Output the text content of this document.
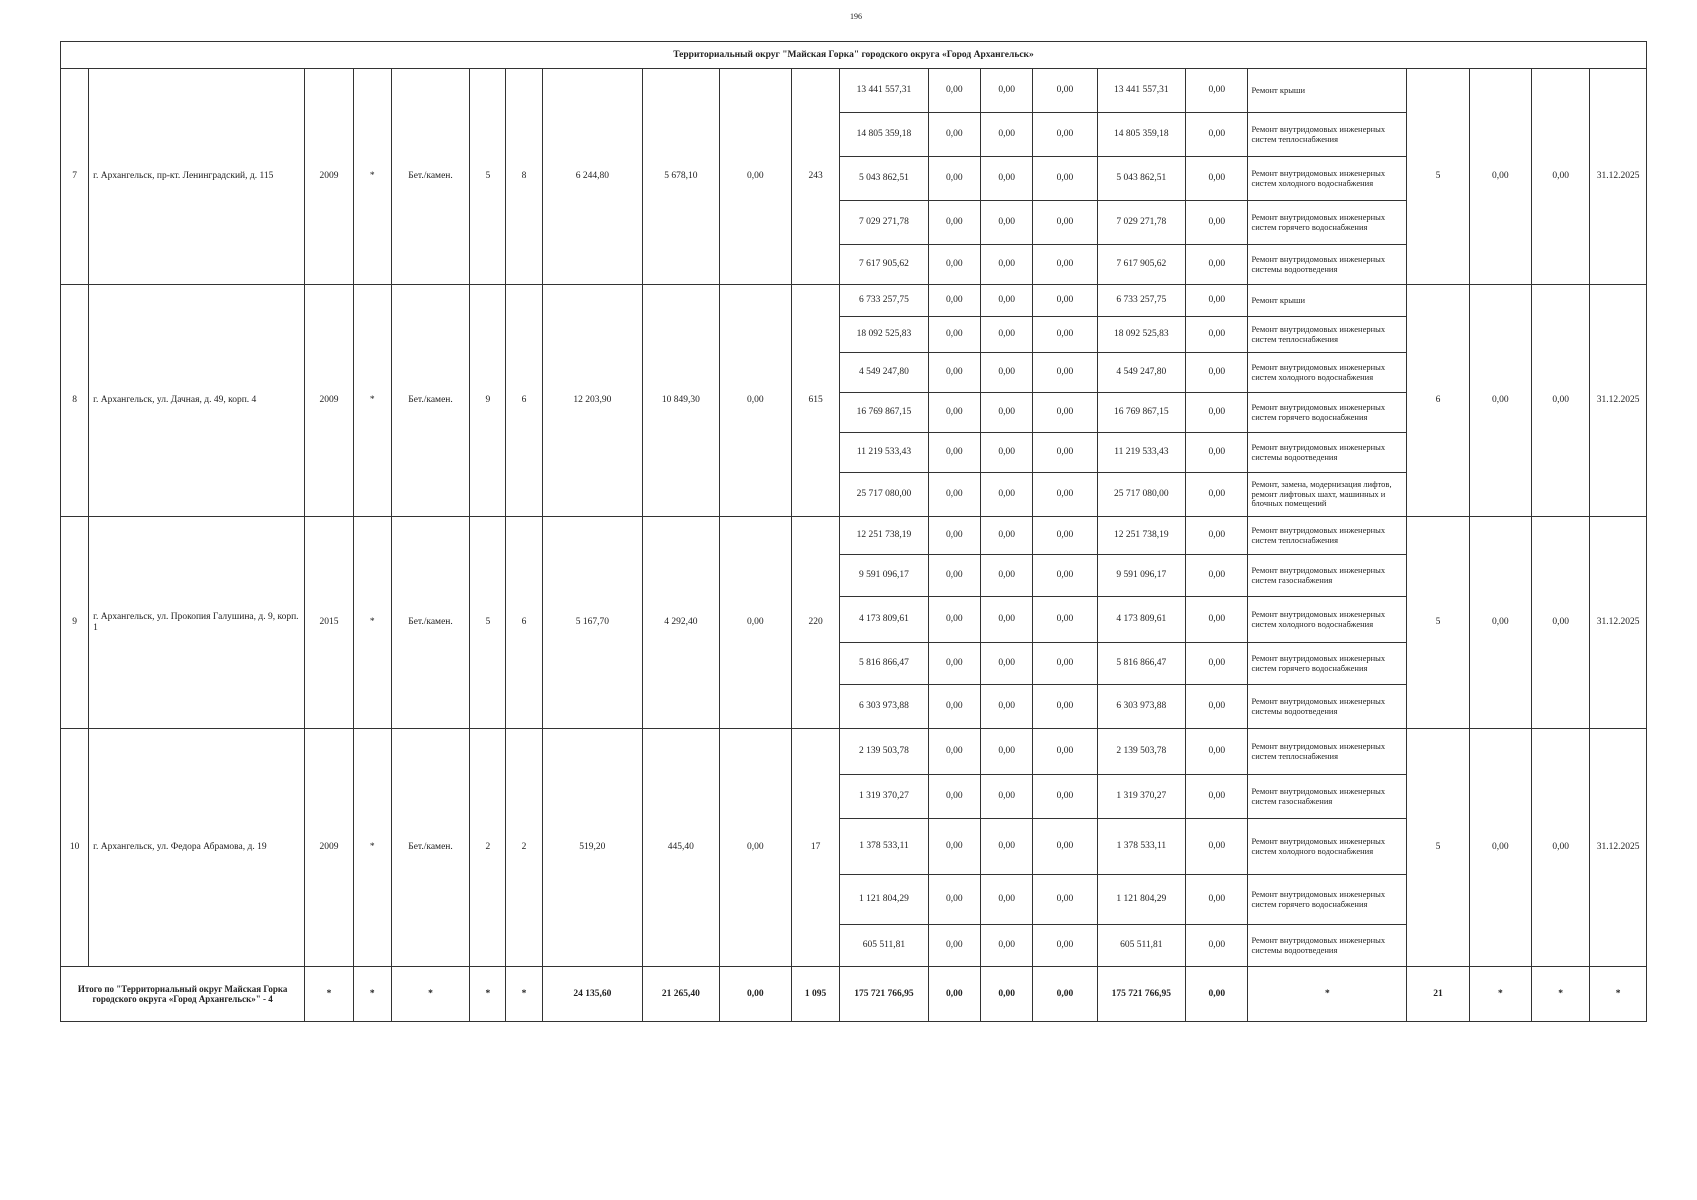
196
Территориальный округ "Майская Горка" городского округа «Город Архангельск»																					
7	г. Архангельск, пр-кт. Ленинградский, д. 115	2009	*	Бет./камен.	5	8	6 244,80	5 678,10	0,00	243	13 441 557,31	0,00	0,00	0,00	13 441 557,31	0,00	Ремонт крыши	5	0,00	0,00	31.12.2025
											14 805 359,18	0,00	0,00	0,00	14 805 359,18	0,00	Ремонт внутридомовых инженерных систем теплоснабжения				
											5 043 862,51	0,00	0,00	0,00	5 043 862,51	0,00	Ремонт внутридомовых инженерных систем холодного водоснабжения				
											7 029 271,78	0,00	0,00	0,00	7 029 271,78	0,00	Ремонт внутридомовых инженерных систем горячего водоснабжения				
											7 617 905,62	0,00	0,00	0,00	7 617 905,62	0,00	Ремонт внутридомовых инженерных системы водоотведения				
8	г. Архангельск, ул. Дачная, д. 49, корп. 4	2009	*	Бет./камен.	9	6	12 203,90	10 849,30	0,00	615	6 733 257,75	0,00	0,00	0,00	6 733 257,75	0,00	Ремонт крыши	6	0,00	0,00	31.12.2025
											18 092 525,83	0,00	0,00	0,00	18 092 525,83	0,00	Ремонт внутридомовых инженерных систем теплоснабжения				
											4 549 247,80	0,00	0,00	0,00	4 549 247,80	0,00	Ремонт внутридомовых инженерных систем холодного водоснабжения				
											16 769 867,15	0,00	0,00	0,00	16 769 867,15	0,00	Ремонт внутридомовых инженерных систем горячего водоснабжения				
											11 219 533,43	0,00	0,00	0,00	11 219 533,43	0,00	Ремонт внутридомовых инженерных системы водоотведения				
											25 717 080,00	0,00	0,00	0,00	25 717 080,00	0,00	Ремонт, замена, модернизация лифтов, ремонт лифтовых шахт, машинных и блочных помещений				
9	г. Архангельск, ул. Прокопия Галушина, д. 9, корп. 1	2015	*	Бет./камен.	5	6	5 167,70	4 292,40	0,00	220	12 251 738,19	0,00	0,00	0,00	12 251 738,19	0,00	Ремонт внутридомовых инженерных систем теплоснабжения	5	0,00	0,00	31.12.2025
											9 591 096,17	0,00	0,00	0,00	9 591 096,17	0,00	Ремонт внутридомовых инженерных систем газоснабжения				
											4 173 809,61	0,00	0,00	0,00	4 173 809,61	0,00	Ремонт внутридомовых инженерных систем холодного водоснабжения				
											5 816 866,47	0,00	0,00	0,00	5 816 866,47	0,00	Ремонт внутридомовых инженерных систем горячего водоснабжения				
											6 303 973,88	0,00	0,00	0,00	6 303 973,88	0,00	Ремонт внутридомовых инженерных системы водоотведения				
10	г. Архангельск, ул. Федора Абрамова, д. 19	2009	*	Бет./камен.	2	2	519,20	445,40	0,00	17	2 139 503,78	0,00	0,00	0,00	2 139 503,78	0,00	Ремонт внутридомовых инженерных систем теплоснабжения	5	0,00	0,00	31.12.2025
											1 319 370,27	0,00	0,00	0,00	1 319 370,27	0,00	Ремонт внутридомовых инженерных систем газоснабжения				
											1 378 533,11	0,00	0,00	0,00	1 378 533,11	0,00	Ремонт внутридомовых инженерных систем холодного водоснабжения				
											1 121 804,29	0,00	0,00	0,00	1 121 804,29	0,00	Ремонт внутридомовых инженерных систем горячего водоснабжения				
											605 511,81	0,00	0,00	0,00	605 511,81	0,00	Ремонт внутридомовых инженерных системы водоотведения				
Итого по "Территориальный округ Майская Горка городского округа «Город Архангельск»" - 4		*	*	*	*	*	24 135,60	21 265,40	0,00	1 095	175 721 766,95	0,00	0,00	0,00	175 721 766,95	0,00	*	21	*	*	*
